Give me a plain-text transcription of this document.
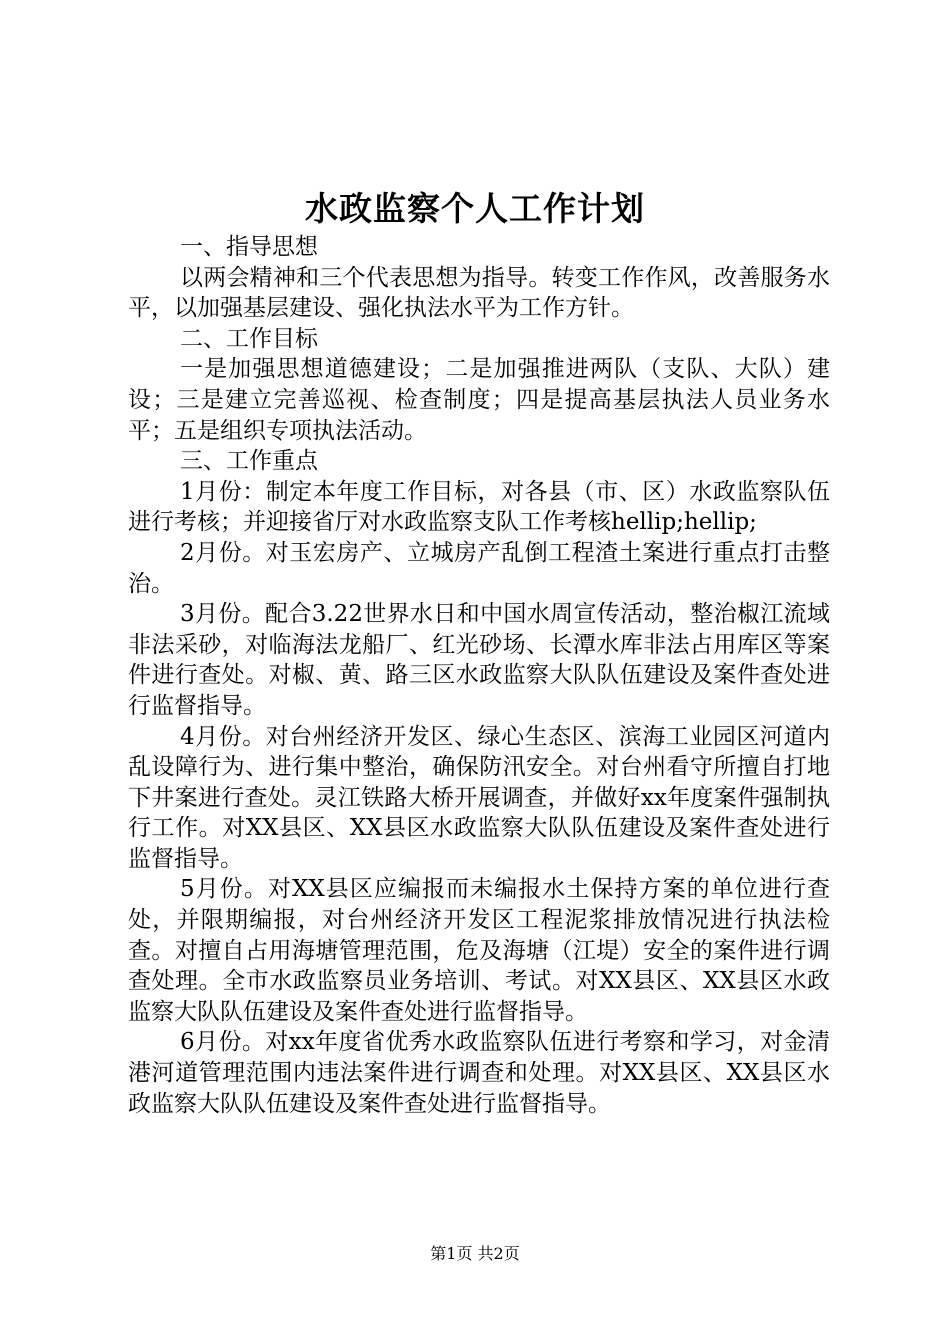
水政监察个人工作计划

一、指导思想

以两会精神和三个代表思想为指导。转变工作作风，改善服务水平，以加强基层建设、强化执法水平为工作方针。

二、工作目标

一是加强思想道德建设；二是加强推进两队（支队、大队）建设；三是建立完善巡视、检查制度；四是提高基层执法人员业务水平；五是组织专项执法活动。

三、工作重点

1月份：制定本年度工作目标，对各县（市、区）水政监察队伍进行考核；并迎接省厅对水政监察支队工作考核hellip;hellip;

2月份。对玉宏房产、立城房产乱倒工程渣土案进行重点打击整治。

3月份。配合3.22世界水日和中国水周宣传活动，整治椒江流域非法采砂，对临海法龙船厂、红光砂场、长潭水库非法占用库区等案件进行查处。对椒、黄、路三区水政监察大队队伍建设及案件查处进行监督指导。

4月份。对台州经济开发区、绿心生态区、滨海工业园区河道内乱设障行为、进行集中整治，确保防汛安全。对台州看守所擅自打地下井案进行查处。灵江铁路大桥开展调查，并做好xx年度案件强制执行工作。对XX县区、XX县区水政监察大队队伍建设及案件查处进行监督指导。

5月份。对XX县区应编报而未编报水土保持方案的单位进行查处，并限期编报，对台州经济开发区工程泥浆排放情况进行执法检查。对擅自占用海塘管理范围，危及海塘（江堤）安全的案件进行调查处理。全市水政监察员业务培训、考试。对XX县区、XX县区水政监察大队队伍建设及案件查处进行监督指导。

6月份。对xx年度省优秀水政监察队伍进行考察和学习，对金清港河道管理范围内违法案件进行调查和处理。对XX县区、XX县区水政监察大队队伍建设及案件查处进行监督指导。

第1页 共2页
